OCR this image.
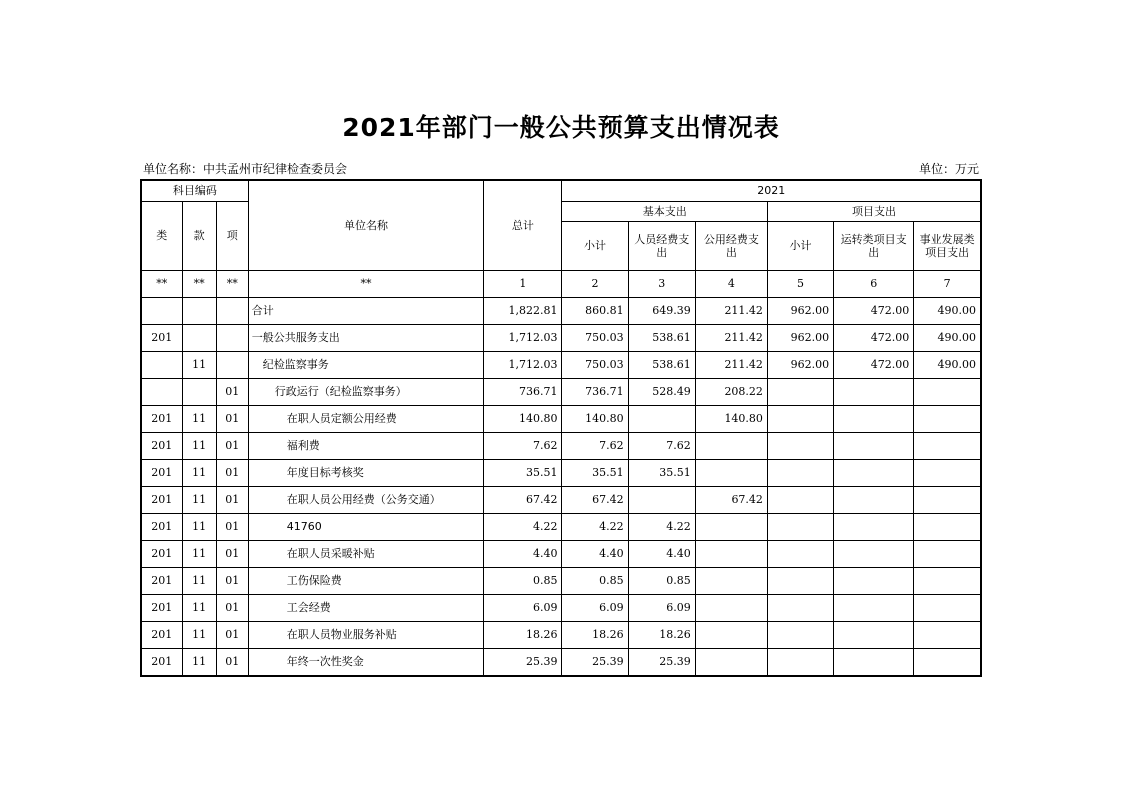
2021年部门一般公共预算支出情况表
单位名称：中共孟州市纪律检查委员会	单位：万元
科目编码			单位名称	总计	2021					
类	款	项			基本支出			项目支出		
					小计	人员经费支出	公用经费支出	小计	运转类项目支出	事业发展类项目支出
**	**	**	**	1	2	3	4	5	6	7
			合计	1,822.81	860.81	649.39	211.42	962.00	472.00	490.00
201			一般公共服务支出	1,712.03	750.03	538.61	211.42	962.00	472.00	490.00
	11		纪检监察事务	1,712.03	750.03	538.61	211.42	962.00	472.00	490.00
		01	行政运行（纪检监察事务）	736.71	736.71	528.49	208.22			
201	11	01	在职人员定额公用经费	140.80	140.80		140.80			
201	11	01	福利费	7.62	7.62	7.62				
201	11	01	年度目标考核奖	35.51	35.51	35.51				
201	11	01	在职人员公用经费（公务交通）	67.42	67.42		67.42			
201	11	01	41760	4.22	4.22	4.22				
201	11	01	在职人员采暖补贴	4.40	4.40	4.40				
201	11	01	工伤保险费	0.85	0.85	0.85				
201	11	01	工会经费	6.09	6.09	6.09				
201	11	01	在职人员物业服务补贴	18.26	18.26	18.26				
201	11	01	年终一次性奖金	25.39	25.39	25.39				
